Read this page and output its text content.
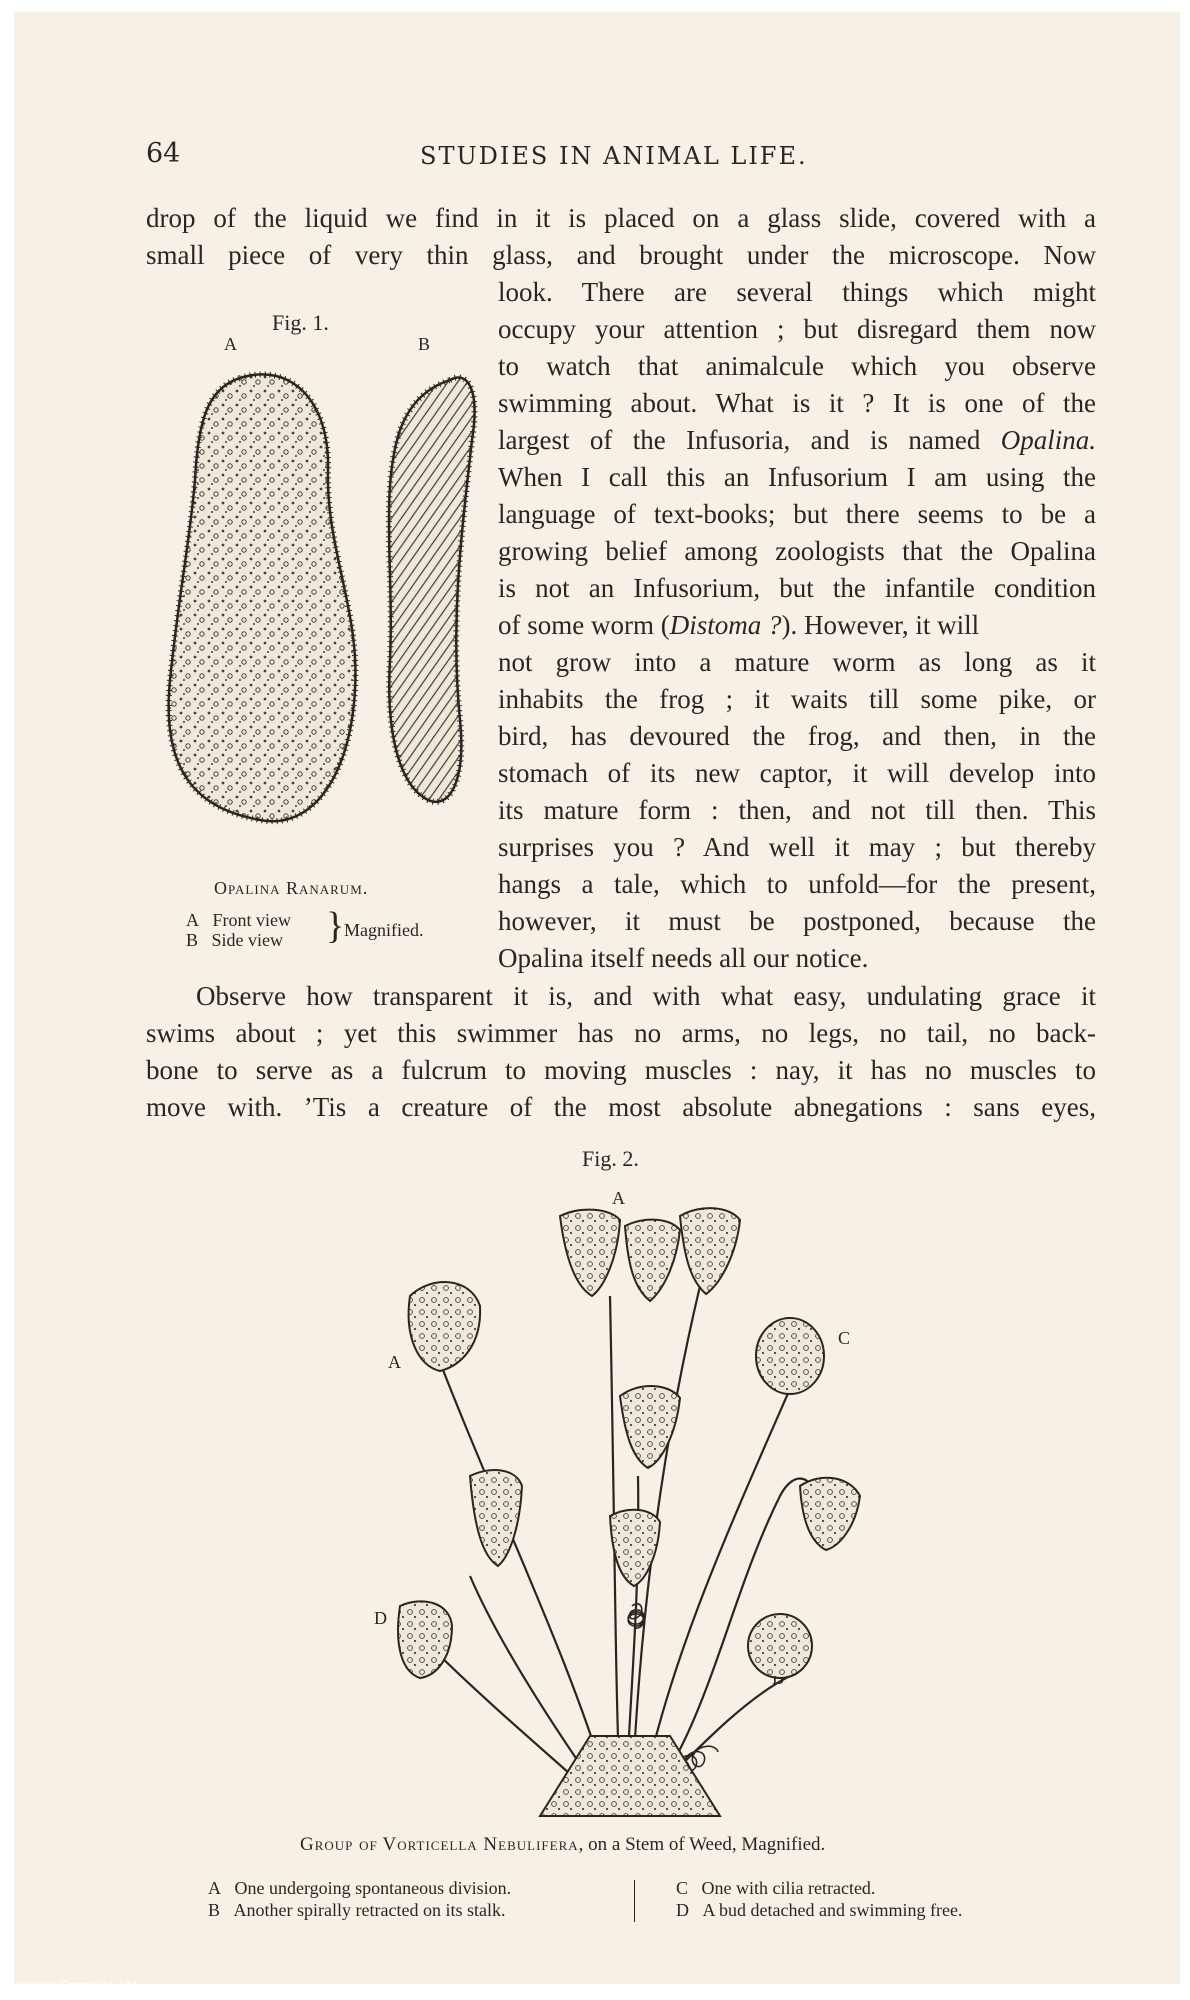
64	STUDIES IN ANIMAL LIFE.
drop of the liquid we find in it is placed on a glass slide, covered with a
small piece of very thin glass, and brought under the microscope. Now
look. There are several things which might
occupy your attention ; but disregard them now
to watch that animalcule which you observe
swimming about. What is it ? It is one of the
largest of the Infusoria, and is named Opalina.
When I call this an Infusorium I am using the
language of text-books; but there seems to be a
growing belief among zoologists that the Opalina
is not an Infusorium, but the infantile condition
of some worm (Distoma ?). However, it will
not grow into a mature worm as long as it
inhabits the frog ; it waits till some pike, or
bird, has devoured the frog, and then, in the
stomach of its new captor, it will develop into
its mature form : then, and not till then. This
surprises you ? And well it may ; but thereby
hangs a tale, which to unfold—for the present,
however, it must be postponed, because the
Opalina itself needs all our notice.
Observe how transparent it is, and with what easy, undulating grace it
swims about ; yet this swimmer has no arms, no legs, no tail, no back-
bone to serve as a fulcrum to moving muscles : nay, it has no muscles to
move with. ’Tis a creature of the most absolute abnegations : sans eyes,
Fig. 1.
A	B
Opalina Ranarum.
A Front view
B Side view } Magnified.
Fig. 2.
A
A
C
D
Group of Vorticella Nebulifera, on a Stem of Weed, Magnified.
A One undergoing spontaneous division.
B Another spirally retracted on its stalk.
C One with cilia retracted.
D A bud detached and swimming free.
Copyright Cosmo Int. Ltd
